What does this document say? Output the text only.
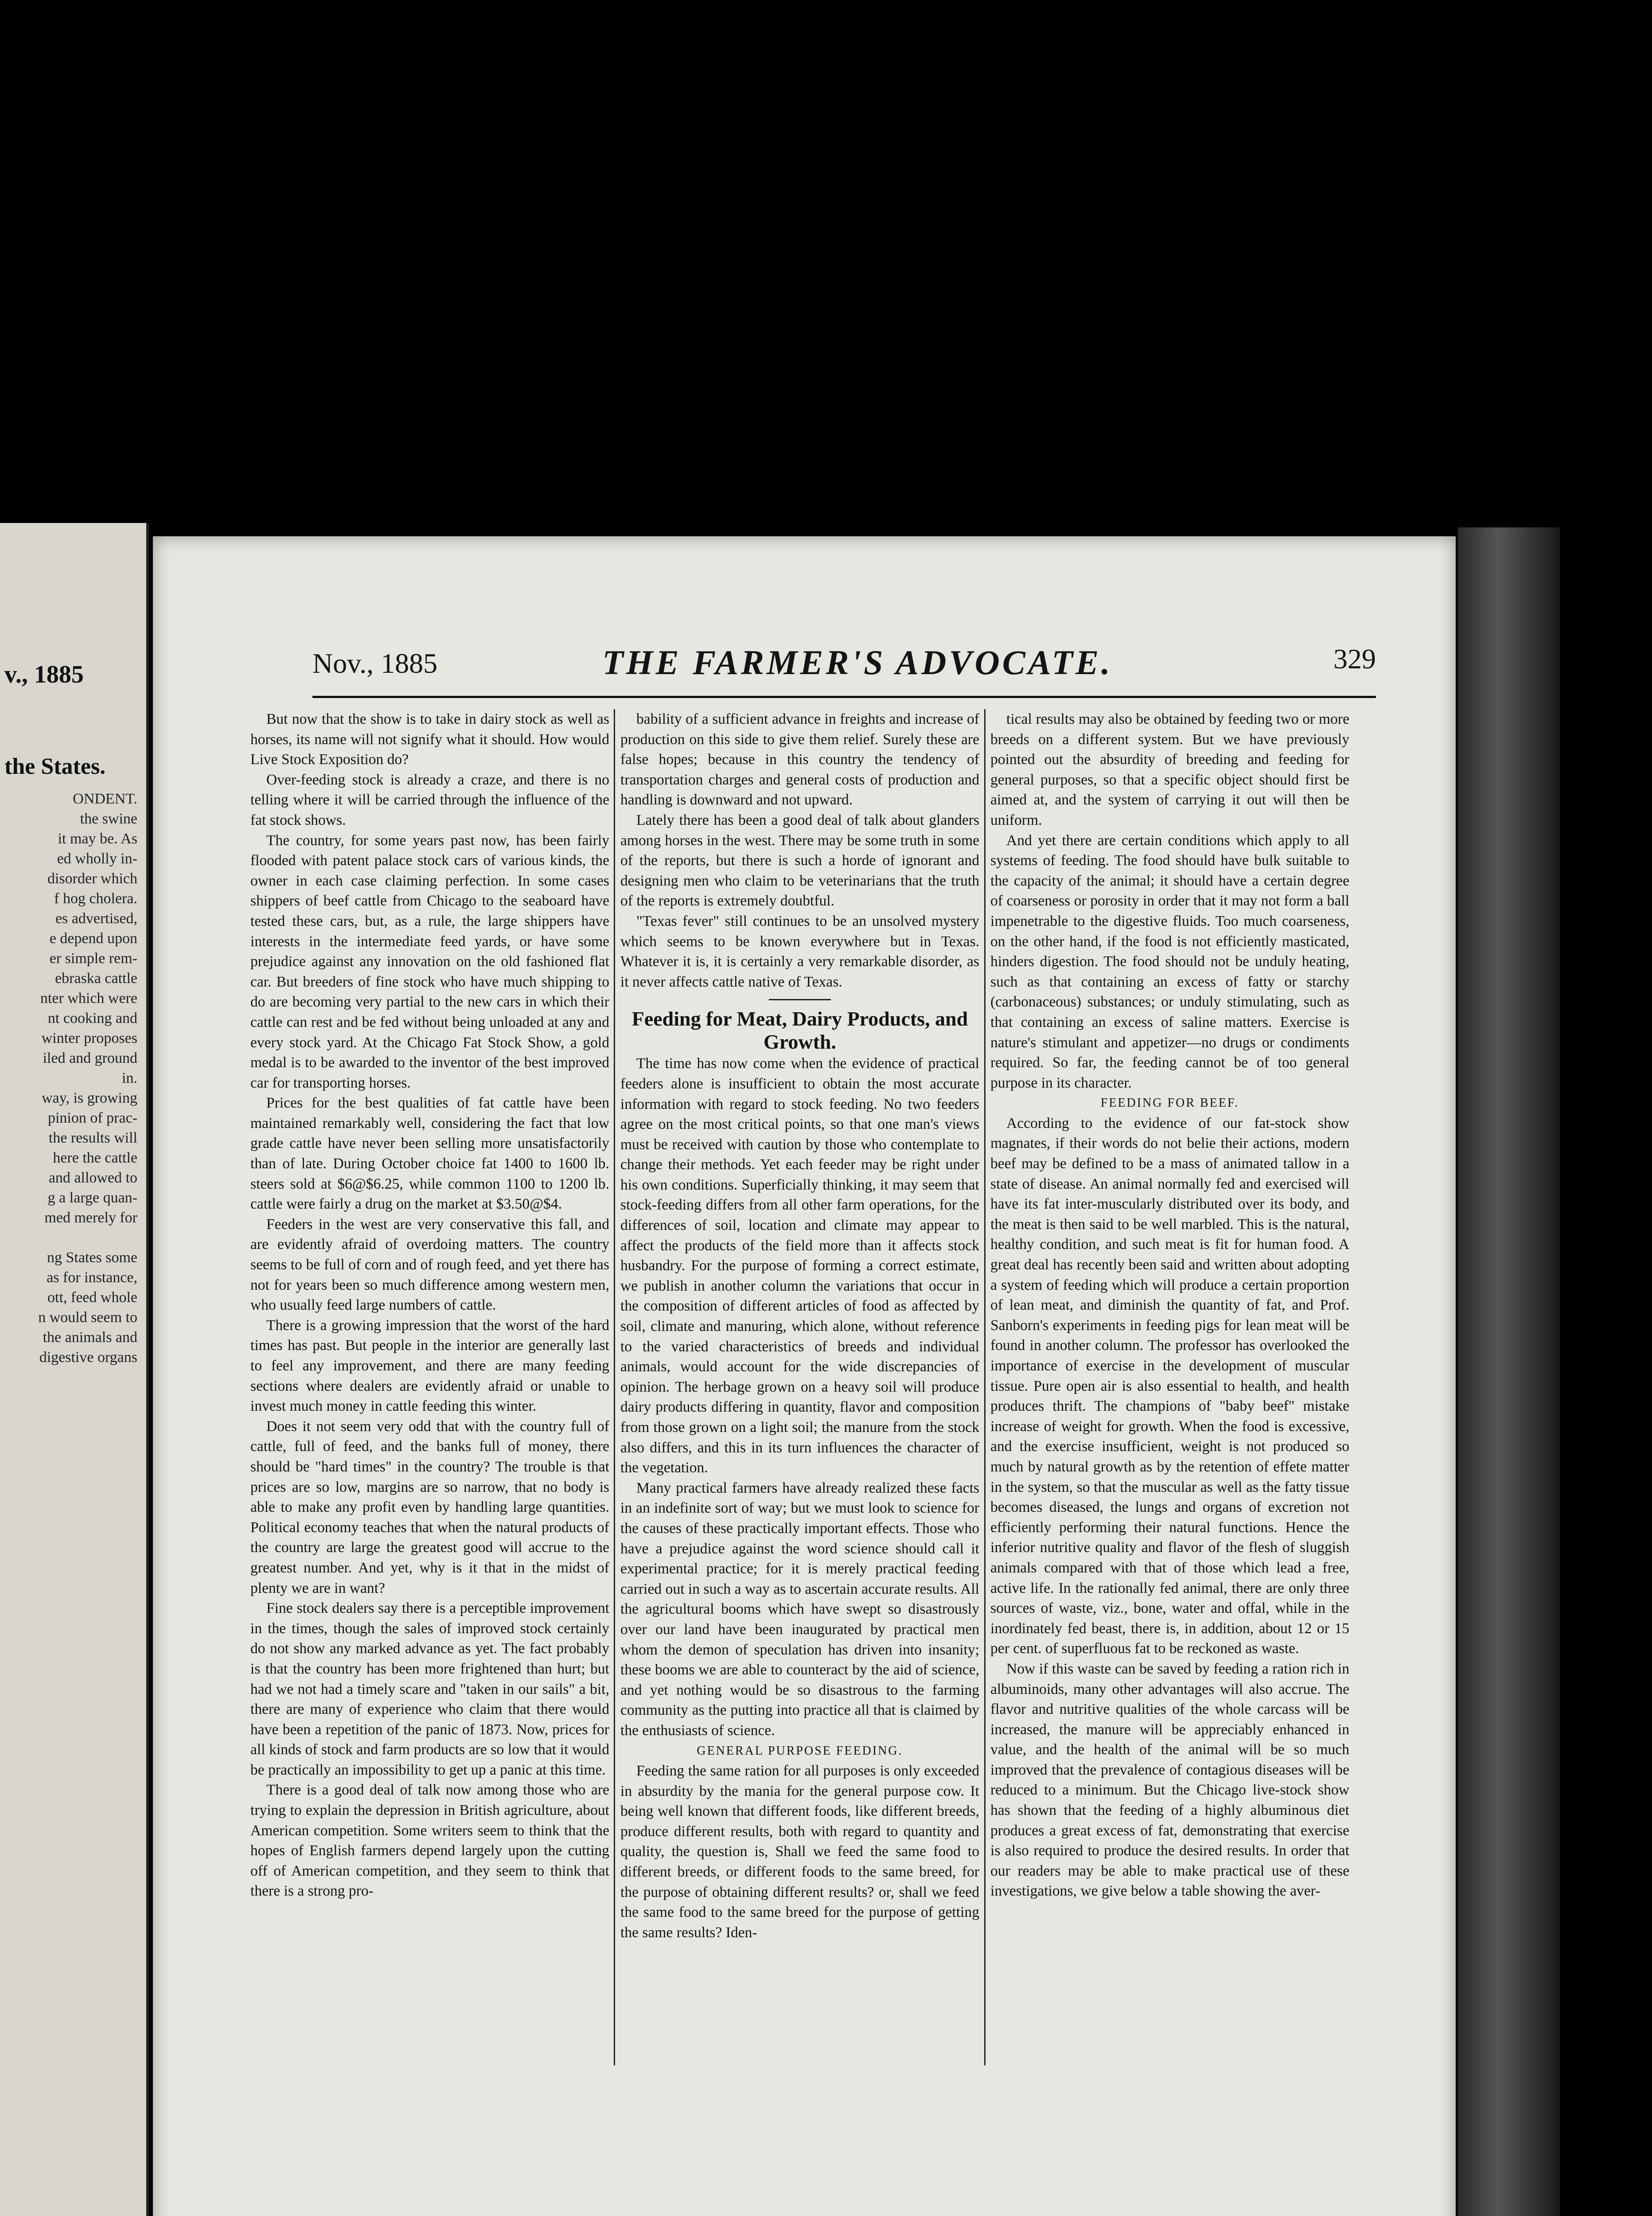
v., 1885
the States.
ONDENT.
the swine
it may be. As
ed wholly in-
disorder which
f hog cholera.
es advertised,
e depend upon
er simple rem-
ebraska cattle
nter which were
nt cooking and
winter proposes
iled and ground
in.
way, is growing
pinion of prac-
the results will
here the cattle
and allowed to
g a large quan-
med merely for

ng States some
as for instance,
ott, feed whole
n would seem to
the animals and
digestive organs
Nov., 1885	THE FARMER'S ADVOCATE.	329

But now that the show is to take in dairy stock as well as horses, its name will not signify what it should. How would Live Stock Exposition do?

Over-feeding stock is already a craze, and there is no telling where it will be carried through the influence of the fat stock shows.

The country, for some years past now, has been fairly flooded with patent palace stock cars of various kinds, the owner in each case claiming perfection. In some cases shippers of beef cattle from Chicago to the seaboard have tested these cars, but, as a rule, the large shippers have interests in the intermediate feed yards, or have some prejudice against any innovation on the old fashioned flat car. But breeders of fine stock who have much shipping to do are becoming very partial to the new cars in which their cattle can rest and be fed without being unloaded at any and every stock yard. At the Chicago Fat Stock Show, a gold medal is to be awarded to the inventor of the best improved car for transporting horses.

Prices for the best qualities of fat cattle have been maintained remarkably well, considering the fact that low grade cattle have never been selling more unsatisfactorily than of late. During October choice fat 1400 to 1600 lb. steers sold at $6@$6.25, while common 1100 to 1200 lb. cattle were fairly a drug on the market at $3.50@$4.

Feeders in the west are very conservative this fall, and are evidently afraid of overdoing matters. The country seems to be full of corn and of rough feed, and yet there has not for years been so much difference among western men, who usually feed large numbers of cattle.

There is a growing impression that the worst of the hard times has past. But people in the interior are generally last to feel any improvement, and there are many feeding sections where dealers are evidently afraid or unable to invest much money in cattle feeding this winter.

Does it not seem very odd that with the country full of cattle, full of feed, and the banks full of money, there should be "hard times" in the country? The trouble is that prices are so low, margins are so narrow, that no body is able to make any profit even by handling large quantities. Political economy teaches that when the natural products of the country are large the greatest good will accrue to the greatest number. And yet, why is it that in the midst of plenty we are in want?

Fine stock dealers say there is a perceptible improvement in the times, though the sales of improved stock certainly do not show any marked advance as yet. The fact probably is that the country has been more frightened than hurt; but had we not had a timely scare and "taken in our sails" a bit, there are many of experience who claim that there would have been a repetition of the panic of 1873. Now, prices for all kinds of stock and farm products are so low that it would be practically an impossibility to get up a panic at this time.

There is a good deal of talk now among those who are trying to explain the depression in British agriculture, about American competition. Some writers seem to think that the hopes of English farmers depend largely upon the cutting off of American competition, and they seem to think that there is a strong pro-

bability of a sufficient advance in freights and increase of production on this side to give them relief. Surely these are false hopes; because in this country the tendency of transportation charges and general costs of production and handling is downward and not upward.

Lately there has been a good deal of talk about glanders among horses in the west. There may be some truth in some of the reports, but there is such a horde of ignorant and designing men who claim to be veterinarians that the truth of the reports is extremely doubtful.

"Texas fever" still continues to be an unsolved mystery which seems to be known everywhere but in Texas. Whatever it is, it is certainly a very remarkable disorder, as it never affects cattle native of Texas.

Feeding for Meat, Dairy Products, and Growth.

The time has now come when the evidence of practical feeders alone is insufficient to obtain the most accurate information with regard to stock feeding. No two feeders agree on the most critical points, so that one man's views must be received with caution by those who contemplate to change their methods. Yet each feeder may be right under his own conditions. Superficially thinking, it may seem that stock-feeding differs from all other farm operations, for the differences of soil, location and climate may appear to affect the products of the field more than it affects stock husbandry. For the purpose of forming a correct estimate, we publish in another column the variations that occur in the composition of different articles of food as affected by soil, climate and manuring, which alone, without reference to the varied characteristics of breeds and individual animals, would account for the wide discrepancies of opinion. The herbage grown on a heavy soil will produce dairy products differing in quantity, flavor and composition from those grown on a light soil; the manure from the stock also differs, and this in its turn influences the character of the vegetation.

Many practical farmers have already realized these facts in an indefinite sort of way; but we must look to science for the causes of these practically important effects. Those who have a prejudice against the word science should call it experimental practice; for it is merely practical feeding carried out in such a way as to ascertain accurate results. All the agricultural booms which have swept so disastrously over our land have been inaugurated by practical men whom the demon of speculation has driven into insanity; these booms we are able to counteract by the aid of science, and yet nothing would be so disastrous to the farming community as the putting into practice all that is claimed by the enthusiasts of science.

GENERAL PURPOSE FEEDING.

Feeding the same ration for all purposes is only exceeded in absurdity by the mania for the general purpose cow. It being well known that different foods, like different breeds, produce different results, both with regard to quantity and quality, the question is, Shall we feed the same food to different breeds, or different foods to the same breed, for the purpose of obtaining different results? or, shall we feed the same food to the same breed for the purpose of getting the same results? Iden-

tical results may also be obtained by feeding two or more breeds on a different system. But we have previously pointed out the absurdity of breeding and feeding for general purposes, so that a specific object should first be aimed at, and the system of carrying it out will then be uniform.

And yet there are certain conditions which apply to all systems of feeding. The food should have bulk suitable to the capacity of the animal; it should have a certain degree of coarseness or porosity in order that it may not form a ball impenetrable to the digestive fluids. Too much coarseness, on the other hand, if the food is not efficiently masticated, hinders digestion. The food should not be unduly heating, such as that containing an excess of fatty or starchy (carbonaceous) substances; or unduly stimulating, such as that containing an excess of saline matters. Exercise is nature's stimulant and appetizer—no drugs or condiments required. So far, the feeding cannot be of too general purpose in its character.

FEEDING FOR BEEF.

According to the evidence of our fat-stock show magnates, if their words do not belie their actions, modern beef may be defined to be a mass of animated tallow in a state of disease. An animal normally fed and exercised will have its fat inter-muscularly distributed over its body, and the meat is then said to be well marbled. This is the natural, healthy condition, and such meat is fit for human food. A great deal has recently been said and written about adopting a system of feeding which will produce a certain proportion of lean meat, and diminish the quantity of fat, and Prof. Sanborn's experiments in feeding pigs for lean meat will be found in another column. The professor has overlooked the importance of exercise in the development of muscular tissue. Pure open air is also essential to health, and health produces thrift. The champions of "baby beef" mistake increase of weight for growth. When the food is excessive, and the exercise insufficient, weight is not produced so much by natural growth as by the retention of effete matter in the system, so that the muscular as well as the fatty tissue becomes diseased, the lungs and organs of excretion not efficiently performing their natural functions. Hence the inferior nutritive quality and flavor of the flesh of sluggish animals compared with that of those which lead a free, active life. In the rationally fed animal, there are only three sources of waste, viz., bone, water and offal, while in the inordinately fed beast, there is, in addition, about 12 or 15 per cent. of superfluous fat to be reckoned as waste.

Now if this waste can be saved by feeding a ration rich in albuminoids, many other advantages will also accrue. The flavor and nutritive qualities of the whole carcass will be increased, the manure will be appreciably enhanced in value, and the health of the animal will be so much improved that the prevalence of contagious diseases will be reduced to a minimum. But the Chicago live-stock show has shown that the feeding of a highly albuminous diet produces a great excess of fat, demonstrating that exercise is also required to produce the desired results. In order that our readers may be able to make practical use of these investigations, we give below a table showing the aver-
